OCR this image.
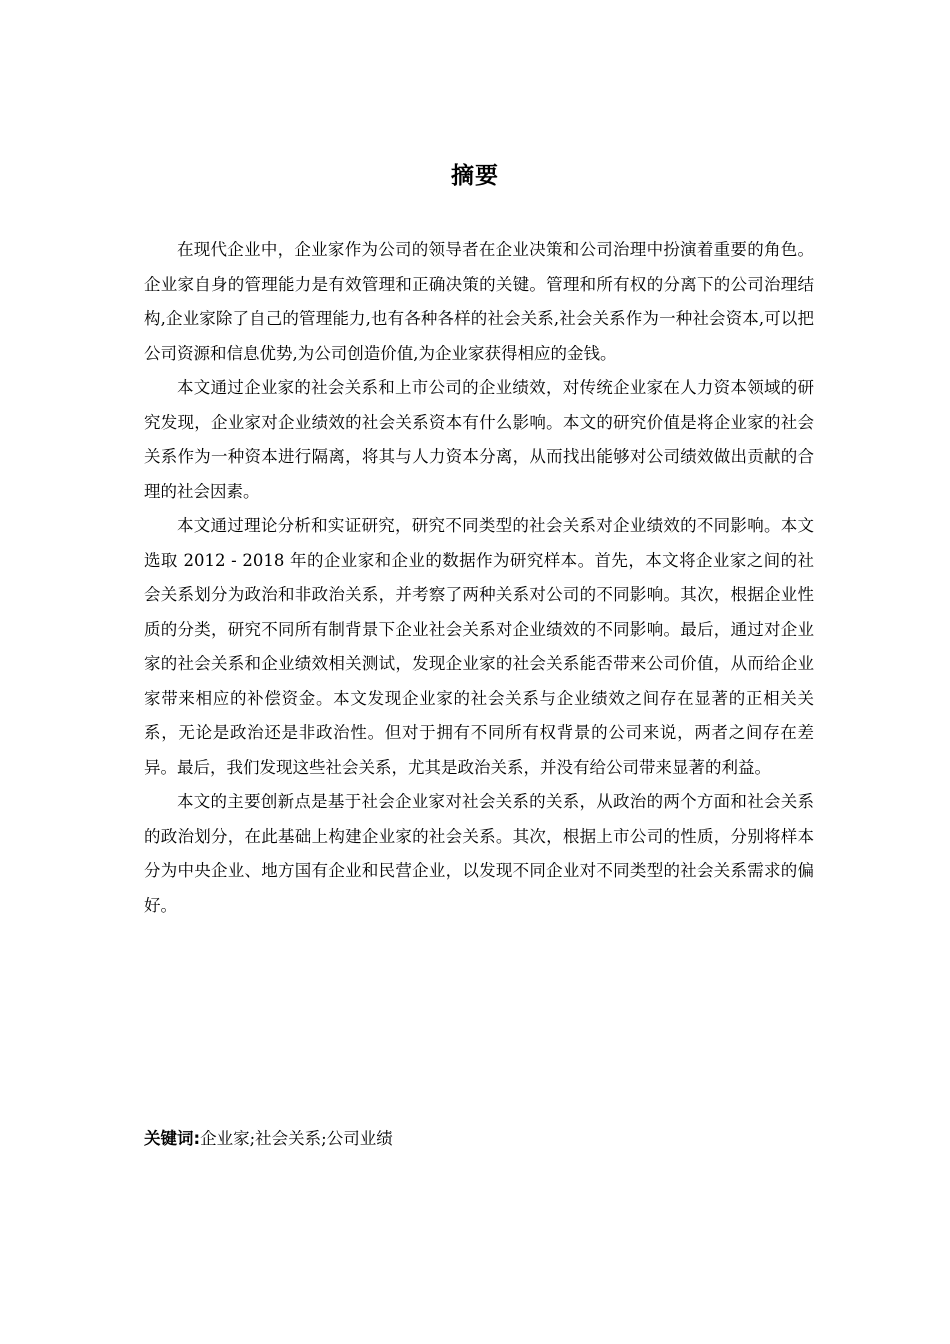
摘要

在现代企业中，企业家作为公司的领导者在企业决策和公司治理中扮演着重要的角色。企业家自身的管理能力是有效管理和正确决策的关键。管理和所有权的分离下的公司治理结构,企业家除了自己的管理能力,也有各种各样的社会关系,社会关系作为一种社会资本,可以把公司资源和信息优势,为公司创造价值,为企业家获得相应的金钱。

本文通过企业家的社会关系和上市公司的企业绩效，对传统企业家在人力资本领域的研究发现，企业家对企业绩效的社会关系资本有什么影响。本文的研究价值是将企业家的社会关系作为一种资本进行隔离，将其与人力资本分离，从而找出能够对公司绩效做出贡献的合理的社会因素。

本文通过理论分析和实证研究，研究不同类型的社会关系对企业绩效的不同影响。本文选取 2012 - 2018 年的企业家和企业的数据作为研究样本。首先，本文将企业家之间的社会关系划分为政治和非政治关系，并考察了两种关系对公司的不同影响。其次，根据企业性质的分类，研究不同所有制背景下企业社会关系对企业绩效的不同影响。最后，通过对企业家的社会关系和企业绩效相关测试，发现企业家的社会关系能否带来公司价值，从而给企业家带来相应的补偿资金。本文发现企业家的社会关系与企业绩效之间存在显著的正相关关系，无论是政治还是非政治性。但对于拥有不同所有权背景的公司来说，两者之间存在差异。最后，我们发现这些社会关系，尤其是政治关系，并没有给公司带来显著的利益。

本文的主要创新点是基于社会企业家对社会关系的关系，从政治的两个方面和社会关系的政治划分，在此基础上构建企业家的社会关系。其次，根据上市公司的性质，分别将样本分为中央企业、地方国有企业和民营企业，以发现不同企业对不同类型的社会关系需求的偏好。

关键词:企业家;社会关系;公司业绩
